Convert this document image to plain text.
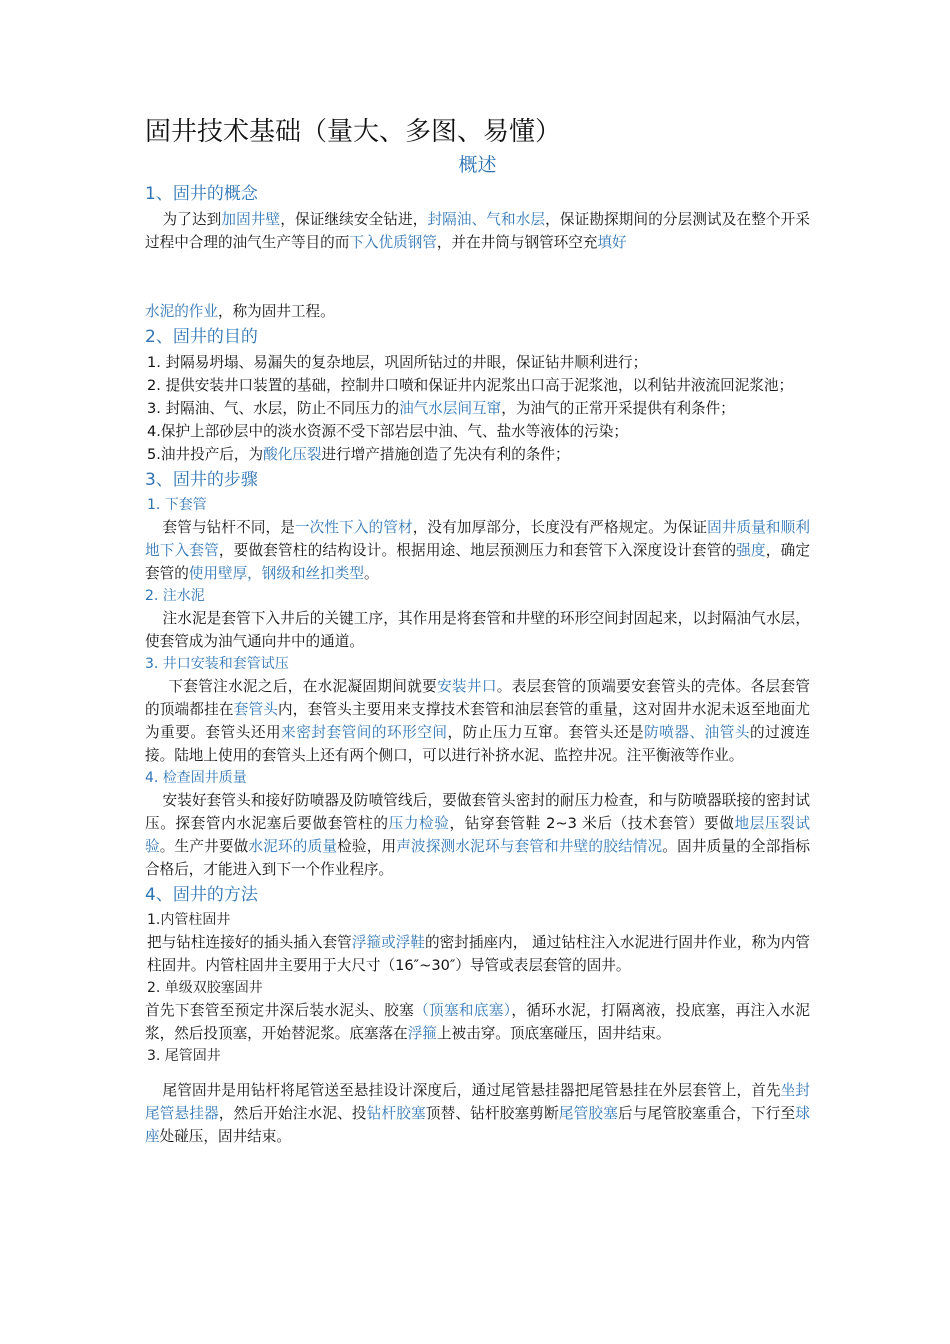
固井技术基础（量大、多图、易懂）
概述
1、固井的概念

为了达到加固井壁，保证继续安全钻进，封隔油、气和水层，保证勘探期间的分层测试及在整个开采过程中合理的油气生产等目的而下入优质钢管，并在井筒与钢管环空充填好

水泥的作业，称为固井工程。

2、固井的目的

1. 封隔易坍塌、易漏失的复杂地层，巩固所钻过的井眼，保证钻井顺利进行；

2. 提供安装井口装置的基础，控制井口喷和保证井内泥浆出口高于泥浆池，以利钻井液流回泥浆池；

3. 封隔油、气、水层，防止不同压力的油气水层间互窜，为油气的正常开采提供有利条件；

4.保护上部砂层中的淡水资源不受下部岩层中油、气、盐水等液体的污染；

5.油井投产后，为酸化压裂进行增产措施创造了先决有利的条件；

3、固井的步骤
1. 下套管

套管与钻杆不同，是一次性下入的管材，没有加厚部分，长度没有严格规定。为保证固井质量和顺利地下入套管，要做套管柱的结构设计。根据用途、地层预测压力和套管下入深度设计套管的强度，确定套管的使用壁厚，钢级和丝扣类型。

2. 注水泥

注水泥是套管下入井后的关键工序，其作用是将套管和井壁的环形空间封固起来，以封隔油气水层，使套管成为油气通向井中的通道。

3. 井口安装和套管试压

下套管注水泥之后，在水泥凝固期间就要安装井口。表层套管的顶端要安套管头的壳体。各层套管的顶端都挂在套管头内，套管头主要用来支撑技术套管和油层套管的重量，这对固井水泥未返至地面尤为重要。套管头还用来密封套管间的环形空间，防止压力互窜。套管头还是防喷器、油管头的过渡连接。陆地上使用的套管头上还有两个侧口，可以进行补挤水泥、监控井况。注平衡液等作业。

4. 检查固井质量

安装好套管头和接好防喷器及防喷管线后，要做套管头密封的耐压力检查，和与防喷器联接的密封试压。探套管内水泥塞后要做套管柱的压力检验，钻穿套管鞋 2~3 米后（技术套管）要做地层压裂试验。生产井要做水泥环的质量检验，用声波探测水泥环与套管和井壁的胶结情况。固井质量的全部指标合格后，才能进入到下一个作业程序。

4、固井的方法
1.内管柱固井

把与钻柱连接好的插头插入套管浮箍或浮鞋的密封插座内， 通过钻柱注入水泥进行固井作业，称为内管柱固井。内管柱固井主要用于大尺寸（16″~30″）导管或表层套管的固井。

2. 单级双胶塞固井

首先下套管至预定井深后装水泥头、胶塞（顶塞和底塞），循环水泥，打隔离液，投底塞，再注入水泥浆，然后投顶塞，开始替泥浆。底塞落在浮箍上被击穿。顶底塞碰压，固井结束。

3. 尾管固井

尾管固井是用钻杆将尾管送至悬挂设计深度后，通过尾管悬挂器把尾管悬挂在外层套管上，首先坐封尾管悬挂器，然后开始注水泥、投钻杆胶塞顶替、钻杆胶塞剪断尾管胶塞后与尾管胶塞重合，下行至球座处碰压，固井结束。
